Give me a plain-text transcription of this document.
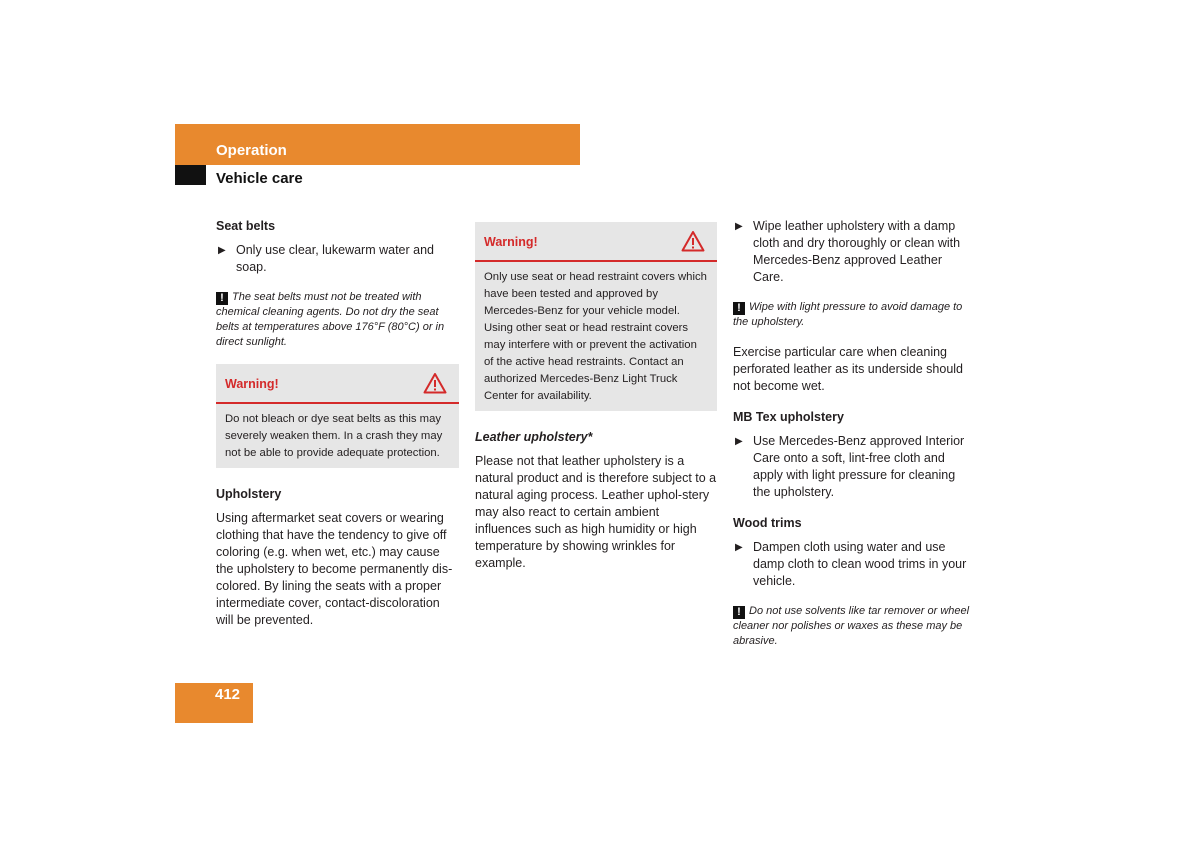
Operation
Vehicle care
Seat belts
▶ Only use clear, lukewarm water and soap.
! The seat belts must not be treated with chemical cleaning agents. Do not dry the seat belts at temperatures above 176°F (80°C) or in direct sunlight.
Warning!
Do not bleach or dye seat belts as this may severely weaken them. In a crash they may not be able to provide adequate protection.
Upholstery
Using aftermarket seat covers or wearing clothing that have the tendency to give off coloring (e.g. when wet, etc.) may cause the upholstery to become permanently dis-colored. By lining the seats with a proper intermediate cover, contact-discoloration will be prevented.
Warning!
Only use seat or head restraint covers which have been tested and approved by Mercedes-Benz for your vehicle model. Using other seat or head restraint covers may interfere with or prevent the activation of the active head restraints. Contact an authorized Mercedes-Benz Light Truck Center for availability.
Leather upholstery*
Please not that leather upholstery is a natural product and is therefore subject to a natural aging process. Leather uphol-stery may also react to certain ambient influences such as high humidity or high temperature by showing wrinkles for example.
▶ Wipe leather upholstery with a damp cloth and dry thoroughly or clean with Mercedes-Benz approved Leather Care.
! Wipe with light pressure to avoid damage to the upholstery.
Exercise particular care when cleaning perforated leather as its underside should not become wet.
MB Tex upholstery
▶ Use Mercedes-Benz approved Interior Care onto a soft, lint-free cloth and apply with light pressure for cleaning the upholstery.
Wood trims
▶ Dampen cloth using water and use damp cloth to clean wood trims in your vehicle.
! Do not use solvents like tar remover or wheel cleaner nor polishes or waxes as these may be abrasive.
412
